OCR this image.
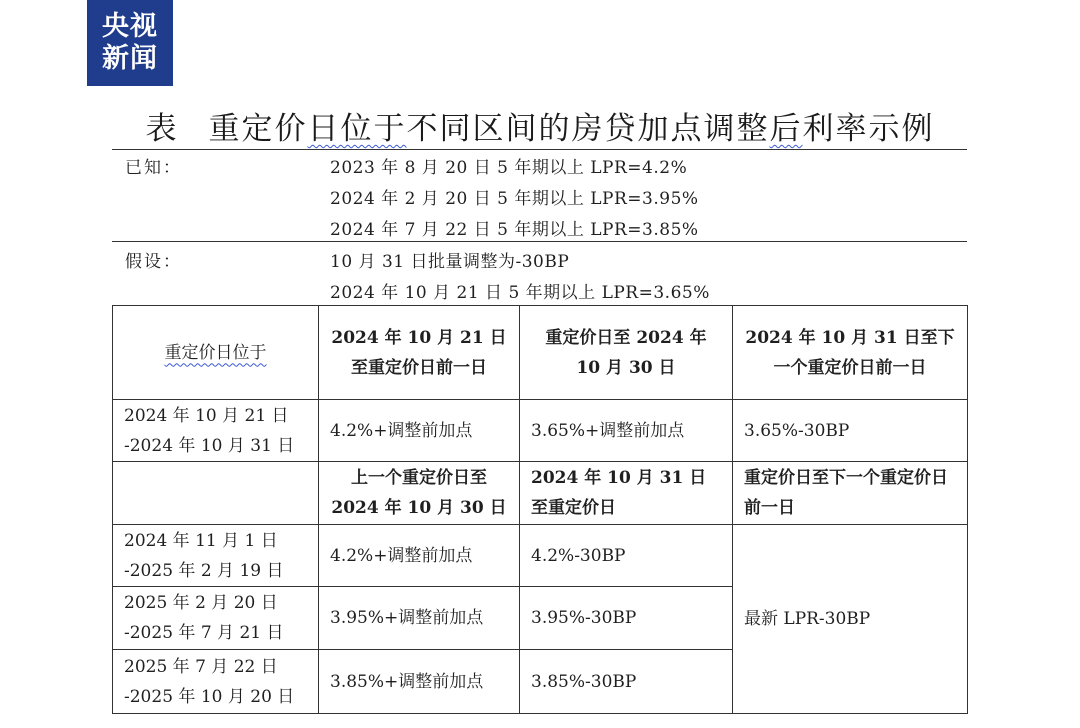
央视
新闻
表 重定价日位于不同区间的房贷加点调整后利率示例
已知：	2023 年 8 月 20 日 5 年期以上 LPR=4.2%
2024 年 2 月 20 日 5 年期以上 LPR=3.95%
2024 年 7 月 22 日 5 年期以上 LPR=3.85%
假设：	10 月 31 日批量调整为-30BP
2024 年 10 月 21 日 5 年期以上 LPR=3.65%
重定价日位于	2024 年 10 月 21 日至重定价日前一日	重定价日至 2024 年 10 月 30 日	2024 年 10 月 31 日至下一个重定价日前一日
2024 年 10 月 21 日 -2024 年 10 月 31 日	4.2%+调整前加点	3.65%+调整前加点	3.65%-30BP
	上一个重定价日至 2024 年 10 月 30 日	2024 年 10 月 31 日至重定价日	重定价日至下一个重定价日前一日
2024 年 11 月 1 日 -2025 年 2 月 19 日	4.2%+调整前加点	4.2%-30BP	最新 LPR-30BP
2025 年 2 月 20 日 -2025 年 7 月 21 日	3.95%+调整前加点	3.95%-30BP	
2025 年 7 月 22 日 -2025 年 10 月 20 日	3.85%+调整前加点	3.85%-30BP	
